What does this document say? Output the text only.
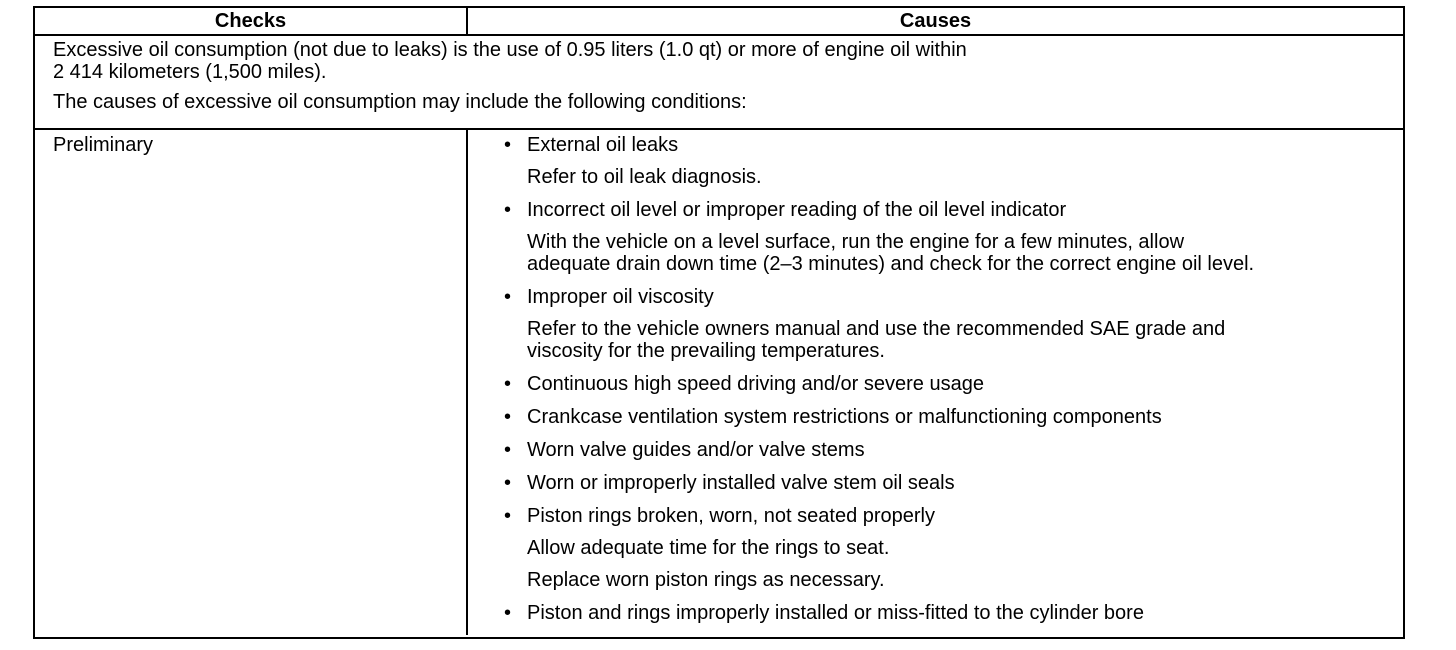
Checks	Causes

Excessive oil consumption (not due to leaks) is the use of 0.95 liters (1.0 qt) or more of engine oil within
2 414 kilometers (1,500 miles).

The causes of excessive oil consumption may include the following conditions:

Preliminary	• External oil leaks
Refer to oil leak diagnosis.
• Incorrect oil level or improper reading of the oil level indicator
With the vehicle on a level surface, run the engine for a few minutes, allow
adequate drain down time (2–3 minutes) and check for the correct engine oil level.
• Improper oil viscosity
Refer to the vehicle owners manual and use the recommended SAE grade and
viscosity for the prevailing temperatures.
• Continuous high speed driving and/or severe usage
• Crankcase ventilation system restrictions or malfunctioning components
• Worn valve guides and/or valve stems
• Worn or improperly installed valve stem oil seals
• Piston rings broken, worn, not seated properly
Allow adequate time for the rings to seat.
Replace worn piston rings as necessary.
• Piston and rings improperly installed or miss-fitted to the cylinder bore
